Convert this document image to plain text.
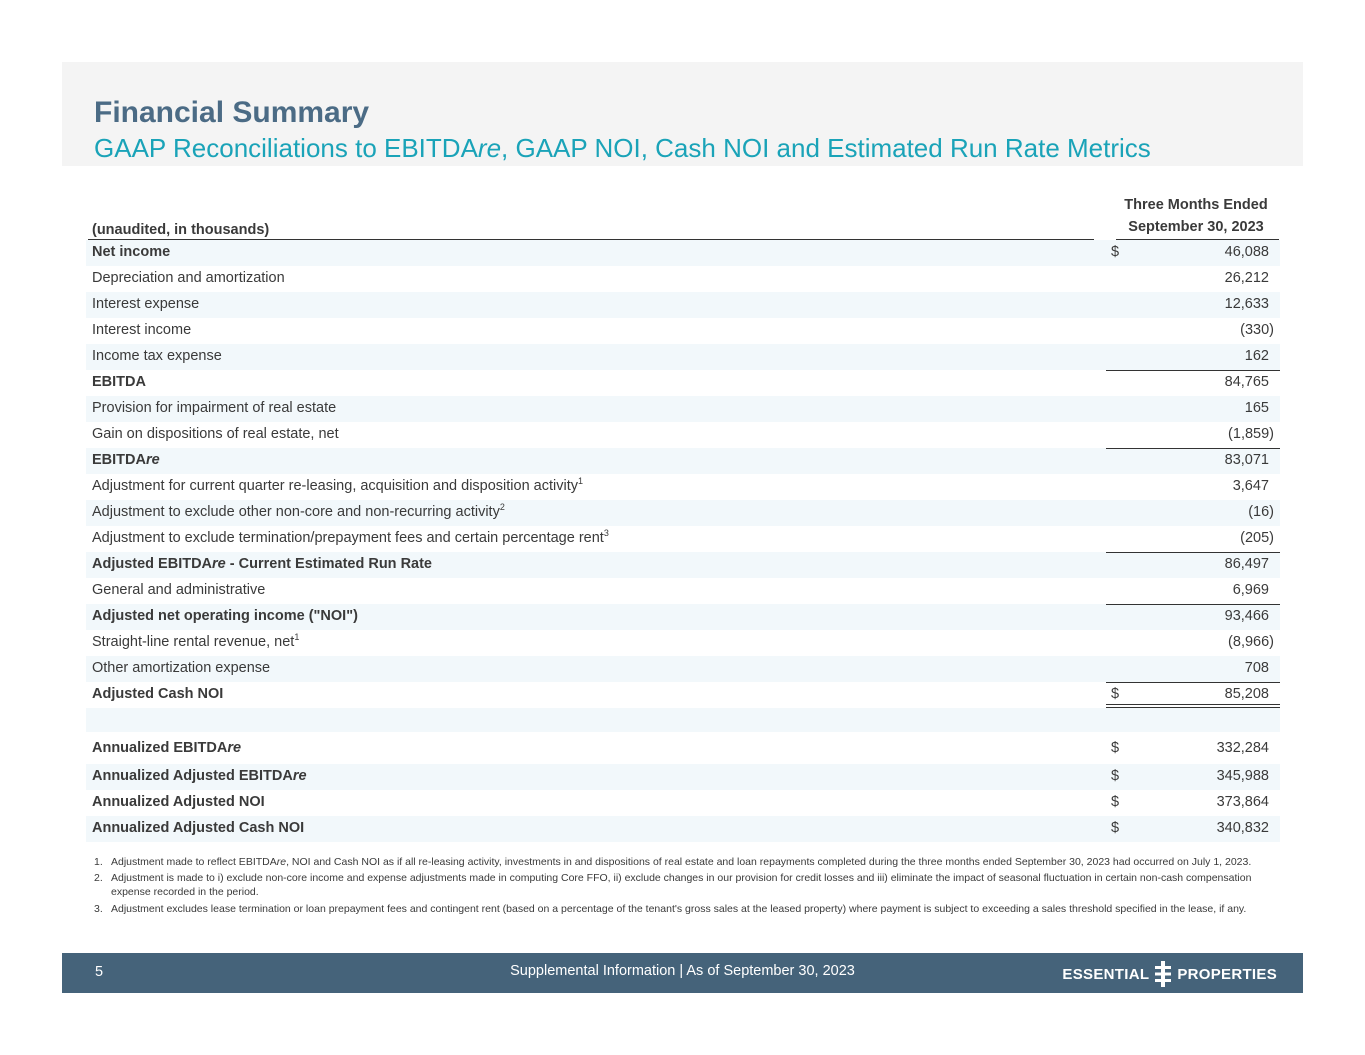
Financial Summary
GAAP Reconciliations to EBITDAre, GAAP NOI, Cash NOI and Estimated Run Rate Metrics
(unaudited, in thousands)
Three Months Ended
September 30, 2023
Net income	$	46,088
Depreciation and amortization	26,212
Interest expense	12,633
Interest income	(330)
Income tax expense	162
EBITDA	84,765
Provision for impairment of real estate	165
Gain on dispositions of real estate, net	(1,859)
EBITDAre	83,071
Adjustment for current quarter re-leasing, acquisition and disposition activity$^1$	3,647
Adjustment to exclude other non-core and non-recurring activity$^2$	(16)
Adjustment to exclude termination/prepayment fees and certain percentage rent$^3$	(205)
Adjusted EBITDAre - Current Estimated Run Rate	86,497
General and administrative	6,969
Adjusted net operating income ("NOI")	93,466
Straight-line rental revenue, net$^1$	(8,966)
Other amortization expense	708
Adjusted Cash NOI	$	85,208
Annualized EBITDAre	$	332,284
Annualized Adjusted EBITDAre	$	345,988
Annualized Adjusted NOI	$	373,864
Annualized Adjusted Cash NOI	$	340,832
1. Adjustment made to reflect EBITDAre, NOI and Cash NOI as if all re-leasing activity, investments in and dispositions of real estate and loan repayments completed during the three months ended September 30, 2023 had occurred on July 1, 2023.
2. Adjustment is made to i) exclude non-core income and expense adjustments made in computing Core FFO, ii) exclude changes in our provision for credit losses and iii) eliminate the impact of seasonal fluctuation in certain non-cash compensation expense recorded in the period.
3. Adjustment excludes lease termination or loan prepayment fees and contingent rent (based on a percentage of the tenant's gross sales at the leased property) where payment is subject to exceeding a sales threshold specified in the lease, if any.
5	Supplemental Information | As of September 30, 2023	ESSENTIAL PROPERTIES
